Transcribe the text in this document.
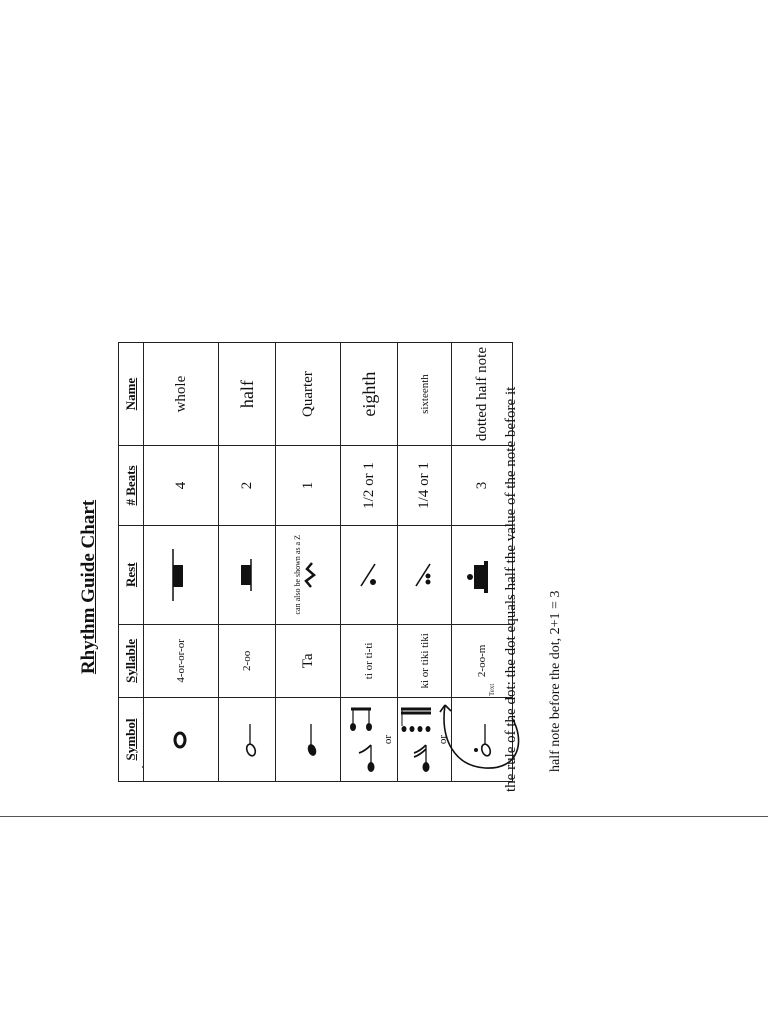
Rhythm Guide Chart
Symbol	Syllable	Rest	# Beats	Name
	4-or-or-or		4	whole
	2-oo		2	half
	Ta	can also be shown as a Z	1	Quarter
or	ti or ti-ti		1/2 or 1	eighth
or	ki or tiki tiki		1/4 or 1	sixteenth
	2-oo-m		3	dotted half note
Text the rule of the dot: the dot equals half the value of the note before it half note before the dot, 2+1 = 3
